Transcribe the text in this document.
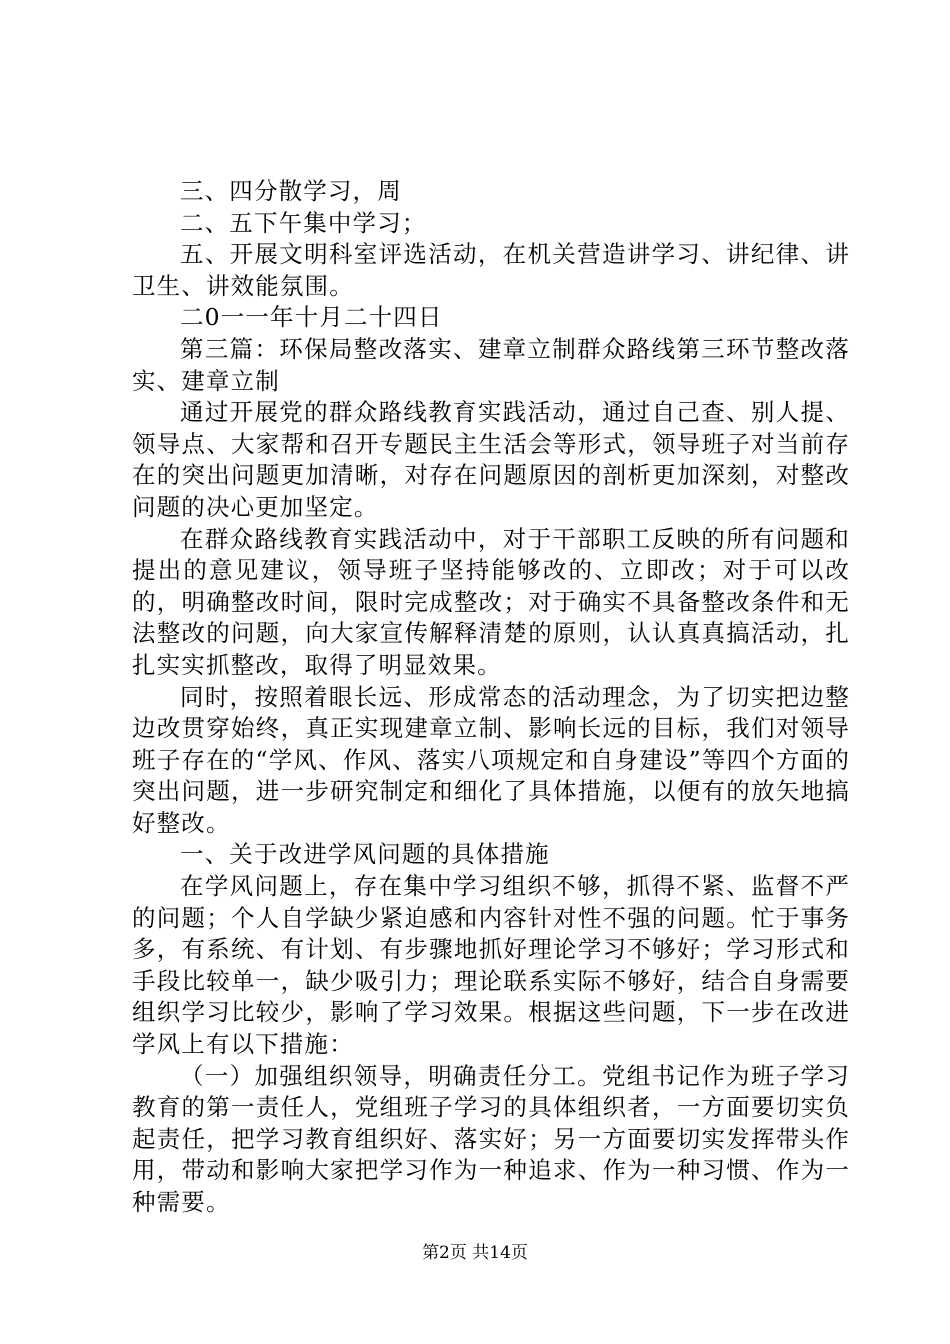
三、四分散学习，周

二、五下午集中学习；

五、开展文明科室评选活动，在机关营造讲学习、讲纪律、讲卫生、讲效能氛围。

二0一一年十月二十四日

第三篇：环保局整改落实、建章立制群众路线第三环节整改落实、建章立制

通过开展党的群众路线教育实践活动，通过自己查、别人提、领导点、大家帮和召开专题民主生活会等形式，领导班子对当前存在的突出问题更加清晰，对存在问题原因的剖析更加深刻，对整改问题的决心更加坚定。

在群众路线教育实践活动中，对于干部职工反映的所有问题和提出的意见建议，领导班子坚持能够改的、立即改；对于可以改的，明确整改时间，限时完成整改；对于确实不具备整改条件和无法整改的问题，向大家宣传解释清楚的原则，认认真真搞活动，扎扎实实抓整改，取得了明显效果。

同时，按照着眼长远、形成常态的活动理念，为了切实把边整边改贯穿始终，真正实现建章立制、影响长远的目标，我们对领导班子存在的“学风、作风、落实八项规定和自身建设”等四个方面的突出问题，进一步研究制定和细化了具体措施，以便有的放矢地搞好整改。

一、关于改进学风问题的具体措施

在学风问题上，存在集中学习组织不够，抓得不紧、监督不严的问题；个人自学缺少紧迫感和内容针对性不强的问题。忙于事务多，有系统、有计划、有步骤地抓好理论学习不够好；学习形式和手段比较单一，缺少吸引力；理论联系实际不够好，结合自身需要组织学习比较少，影响了学习效果。根据这些问题，下一步在改进学风上有以下措施：

（一）加强组织领导，明确责任分工。党组书记作为班子学习教育的第一责任人，党组班子学习的具体组织者，一方面要切实负起责任，把学习教育组织好、落实好；另一方面要切实发挥带头作用，带动和影响大家把学习作为一种追求、作为一种习惯、作为一种需要。

第2页 共14页
